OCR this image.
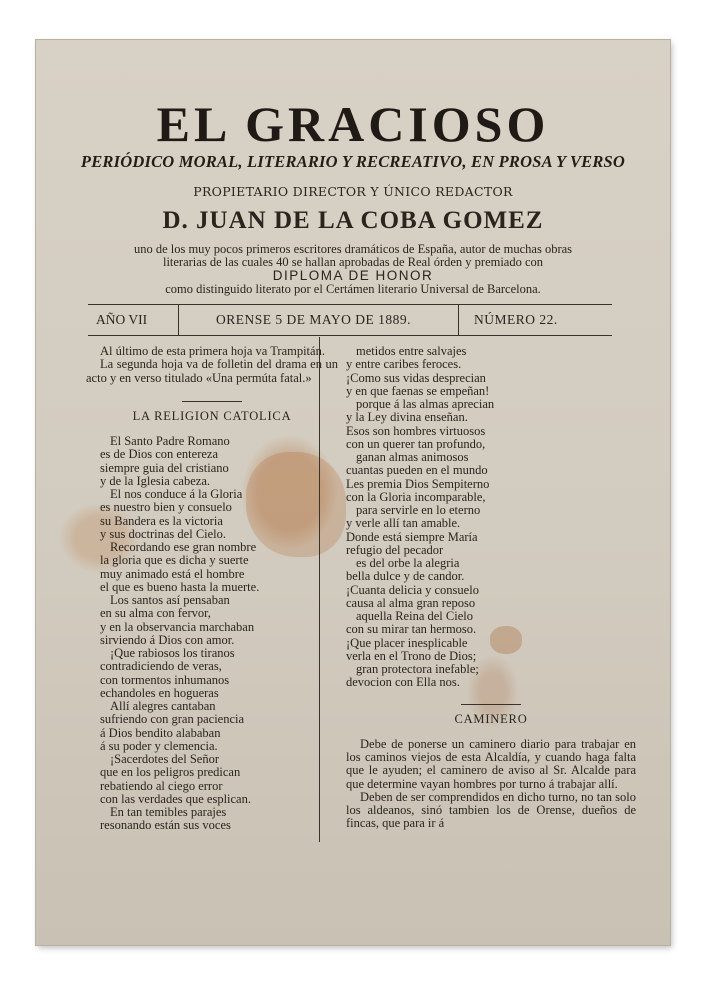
EL GRACIOSO
PERIÓDICO MORAL, LITERARIO Y RECREATIVO, EN PROSA Y VERSO
PROPIETARIO DIRECTOR Y ÚNICO REDACTOR
D. JUAN DE LA COBA GOMEZ
uno de los muy pocos primeros escritores dramáticos de España, autor de muchas obras
literarias de las cuales 40 se hallan aprobadas de Real órden y premiado con
DIPLOMA DE HONOR
como distinguido literato por el Certámen literario Universal de Barcelona.
AÑO VII	ORENSE 5 DE MAYO DE 1889.	NÚMERO 22.

Al último de esta primera hoja va Trampitán.

La segunda hoja va de folletin del drama en un acto y en verso titulado «Una permúta fatal.»

LA RELIGION CATOLICA
El Santo Padre Romano
es de Dios con entereza
siempre guia del cristiano
y de la Iglesia cabeza.
El nos conduce á la Gloria
es nuestro bien y consuelo
su Bandera es la victoria
y sus doctrinas del Cielo.
Recordando ese gran nombre
la gloria que es dicha y suerte
muy animado está el hombre
el que es bueno hasta la muerte.
Los santos así pensaban
en su alma con fervor,
y en la observancia marchaban
sirviendo á Dios con amor.
¡Que rabiosos los tiranos
contradiciendo de veras,
con tormentos inhumanos
echandoles en hogueras
Allí alegres cantaban
sufriendo con gran paciencia
á Dios bendito alababan
á su poder y clemencia.
¡Sacerdotes del Señor
que en los peligros predican
rebatiendo al ciego error
con las verdades que esplican.
En tan temibles parajes
resonando están sus voces
metidos entre salvajes
y entre caribes feroces.
¡Como sus vidas desprecian
y en que faenas se empeñan!
porque á las almas aprecian
y la Ley divina enseñan.
Esos son hombres virtuosos
con un querer tan profundo,
ganan almas animosos
cuantas pueden en el mundo
Les premia Dios Sempiterno
con la Gloria incomparable,
para servirle en lo eterno
y verle allí tan amable.
Donde está siempre María
refugio del pecador
es del orbe la alegria
bella dulce y de candor.
¡Cuanta delicia y consuelo
causa al alma gran reposo
aquella Reina del Cielo
con su mirar tan hermoso.
¡Que placer inesplicable
verla en el Trono de Dios;
gran protectora inefable;
devocion con Ella nos.
CAMINERO

Debe de ponerse un caminero diario para trabajar en los caminos viejos de esta Alcaldía, y cuando haga falta que le ayuden; el caminero de aviso al Sr. Alcalde para que determine vayan hombres por turno á trabajar allí.

Deben de ser comprendidos en dicho turno, no tan solo los aldeanos, sinó tambien los de Orense, dueños de fincas, que para ir á
